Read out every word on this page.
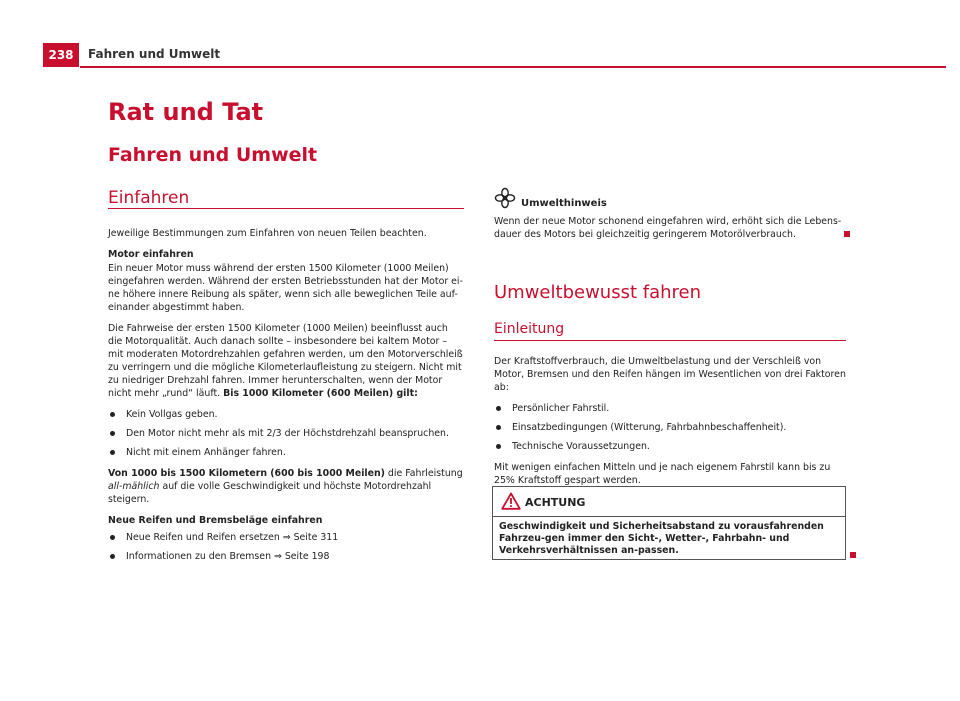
238	Fahren und Umwelt
Rat und Tat
Fahren und Umwelt
Einfahren

Jeweilige Bestimmungen zum Einfahren von neuen Teilen beachten.

Motor einfahren

Ein neuer Motor muss während der ersten 1500 Kilometer (1000 Meilen) eingefahren werden. Während der ersten Betriebsstunden hat der Motor ei-ne höhere innere Reibung als später, wenn sich alle beweglichen Teile auf-einander abgestimmt haben.

Die Fahrweise der ersten 1500 Kilometer (1000 Meilen) beeinflusst auch die Motorqualität. Auch danach sollte – insbesondere bei kaltem Motor – mit moderaten Motordrehzahlen gefahren werden, um den Motorverschleiß zu verringern und die mögliche Kilometerlaufleistung zu steigern. Nicht mit zu niedriger Drehzahl fahren. Immer herunterschalten, wenn der Motor nicht mehr „rund“ läuft. Bis 1000 Kilometer (600 Meilen) gilt:

Kein Vollgas geben.
Den Motor nicht mehr als mit 2/3 der Höchstdrehzahl beanspruchen.
Nicht mit einem Anhänger fahren.

Von 1000 bis 1500 Kilometern (600 bis 1000 Meilen) die Fahrleistung all-mählich auf die volle Geschwindigkeit und höchste Motordrehzahl steigern.

Neue Reifen und Bremsbeläge einfahren

Neue Reifen und Reifen ersetzen ⇒ Seite 311
Informationen zu den Bremsen ⇒ Seite 198
Umwelthinweis
Wenn der neue Motor schonend eingefahren wird, erhöht sich die Lebens-dauer des Motors bei gleichzeitig geringerem Motorölverbrauch.
Umweltbewusst fahren
Einleitung

Der Kraftstoffverbrauch, die Umweltbelastung und der Verschleiß von Motor, Bremsen und den Reifen hängen im Wesentlichen von drei Faktoren ab:

Persönlicher Fahrstil.
Einsatzbedingungen (Witterung, Fahrbahnbeschaffenheit).
Technische Voraussetzungen.

Mit wenigen einfachen Mitteln und je nach eigenem Fahrstil kann bis zu 25% Kraftstoff gespart werden.

ACHTUNG
Geschwindigkeit und Sicherheitsabstand zu vorausfahrenden Fahrzeu-gen immer den Sicht-, Wetter-, Fahrbahn- und Verkehrsverhältnissen an-passen.
